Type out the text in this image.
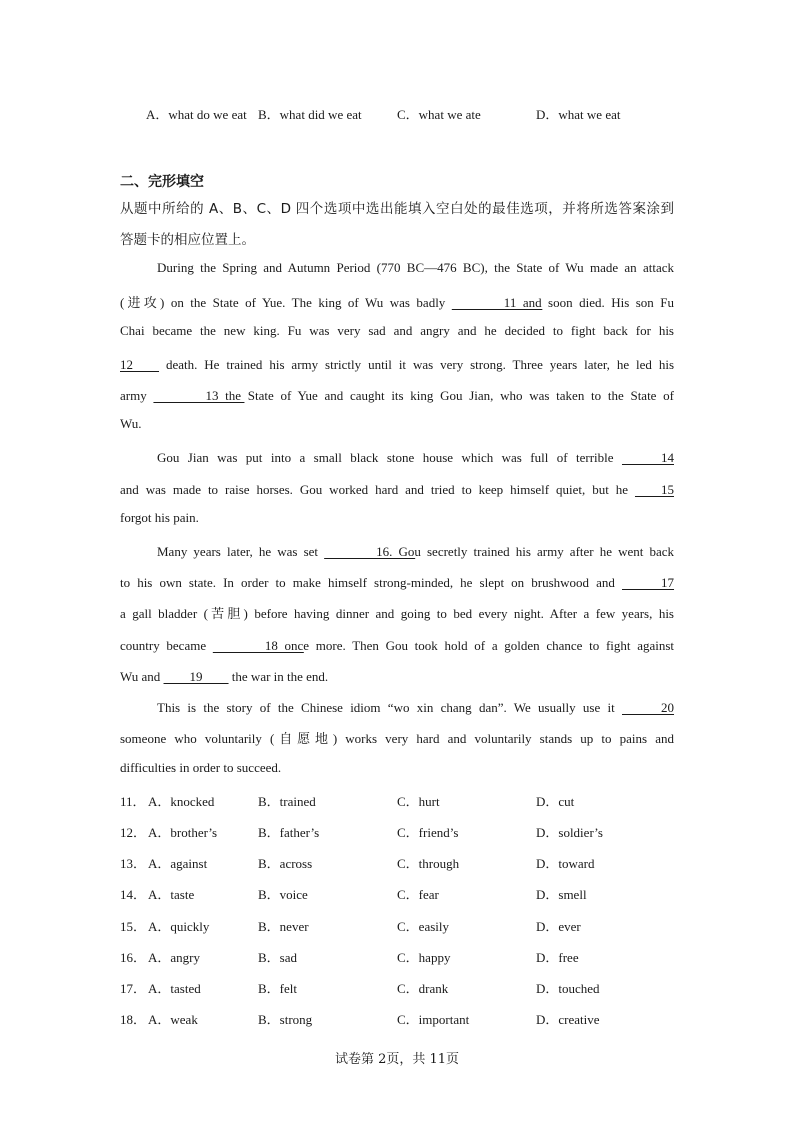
A．what do we eat B．what did we eat	C．what we ate	D．what we eat
二、完形填空
从题中所给的 A、B、C、D 四个选项中选出能填入空白处的最佳选项，并将所选答案涂到
答题卡的相应位置上。
During the Spring and Autumn Period (770 BC—476 BC), the State of Wu made an attack
(进攻) on the State of Yue. The king of Wu was badly 　　11　　 and soon died. His son Fu
Chai became the new king. Fu was very sad and angry and he decided to fight back for his
12　　 death. He trained his army strictly until it was very strong. Three years later, he led his
army 　　13　　 the State of Yue and caught its king Gou Jian, who was taken to the State of
Wu.
Gou Jian was put into a small black stone house which was full of terrible 　　　14
and was made to raise horses. Gou worked hard and tried to keep himself quiet, but he 　　15
forgot his pain.
Many years later, he was set 　　16　　. Gou secretly trained his army after he went back
to his own state. In order to make himself strong-minded, he slept on brushwood and 　　　17
a gall bladder (苦胆) before having dinner and going to bed every night. After a few years, his
country became 　　18　　 once more. Then Gou took hold of a golden chance to fight against
Wu and 　　19　　 the war in the end.
This is the story of the Chinese idiom “wo xin chang dan”. We usually use it 　　　20
someone who voluntarily (自愿地) works very hard and voluntarily stands up to pains and
difficulties in order to succeed.
11． A．knocked	B．trained	C．hurt	D．cut
12． A．brother’s	B．father’s	C．friend’s	D．soldier’s
13． A．against	B．across	C．through	D．toward
14． A．taste	B．voice	C．fear	D．smell
15． A．quickly	B．never	C．easily	D．ever
16． A．angry	B．sad	C．happy	D．free
17． A．tasted	B．felt	C．drank	D．touched
18． A．weak	B．strong	C．important	D．creative
试卷第 2页，共 11页
